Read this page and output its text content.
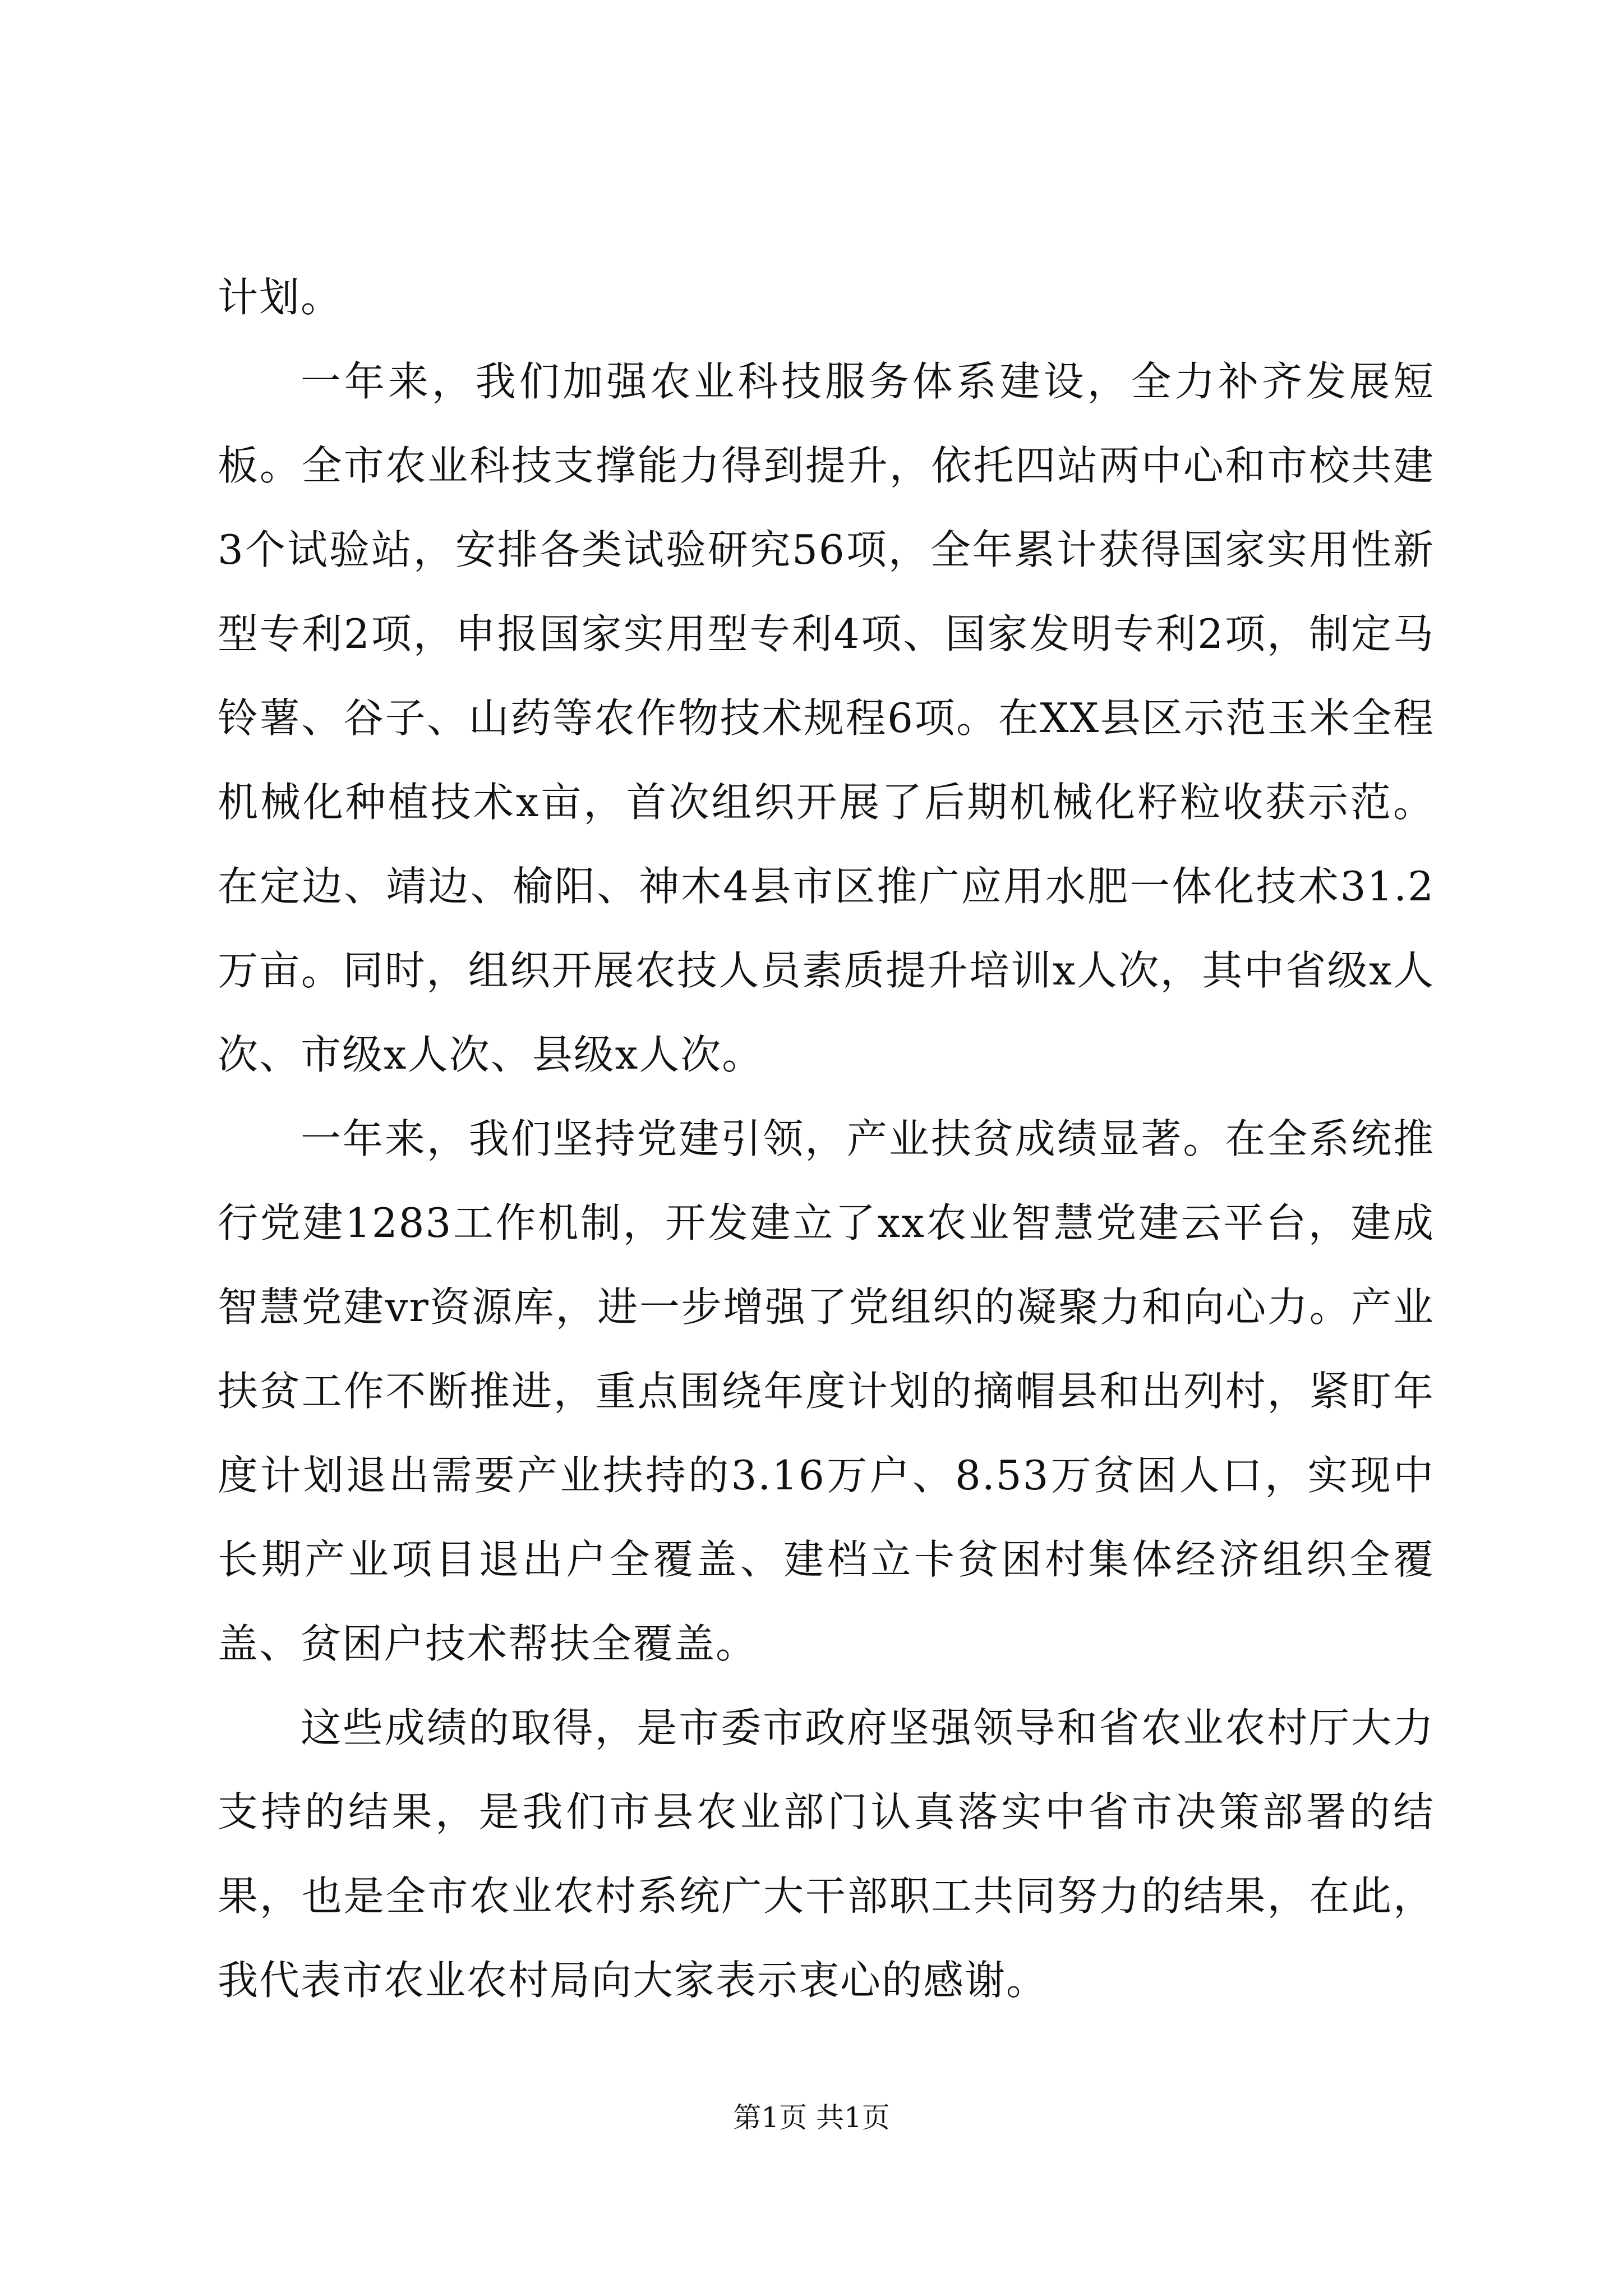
计划。

一年来，我们加强农业科技服务体系建设，全力补齐发展短板。全市农业科技支撑能力得到提升，依托四站两中心和市校共建3个试验站，安排各类试验研究56项，全年累计获得国家实用性新型专利2项，申报国家实用型专利4项、国家发明专利2项，制定马铃薯、谷子、山药等农作物技术规程6项。在XX县区示范玉米全程机械化种植技术x亩，首次组织开展了后期机械化籽粒收获示范。在定边、靖边、榆阳、神木4县市区推广应用水肥一体化技术31.2万亩。同时，组织开展农技人员素质提升培训x人次，其中省级x人次、市级x人次、县级x人次。

一年来，我们坚持党建引领，产业扶贫成绩显著。在全系统推行党建1283工作机制，开发建立了xx农业智慧党建云平台，建成智慧党建vr资源库，进一步增强了党组织的凝聚力和向心力。产业扶贫工作不断推进，重点围绕年度计划的摘帽县和出列村，紧盯年度计划退出需要产业扶持的3.16万户、8.53万贫困人口，实现中长期产业项目退出户全覆盖、建档立卡贫困村集体经济组织全覆盖、贫困户技术帮扶全覆盖。

这些成绩的取得，是市委市政府坚强领导和省农业农村厅大力支持的结果，是我们市县农业部门认真落实中省市决策部署的结果，也是全市农业农村系统广大干部职工共同努力的结果，在此，我代表市农业农村局向大家表示衷心的感谢。

第1页 共1页
